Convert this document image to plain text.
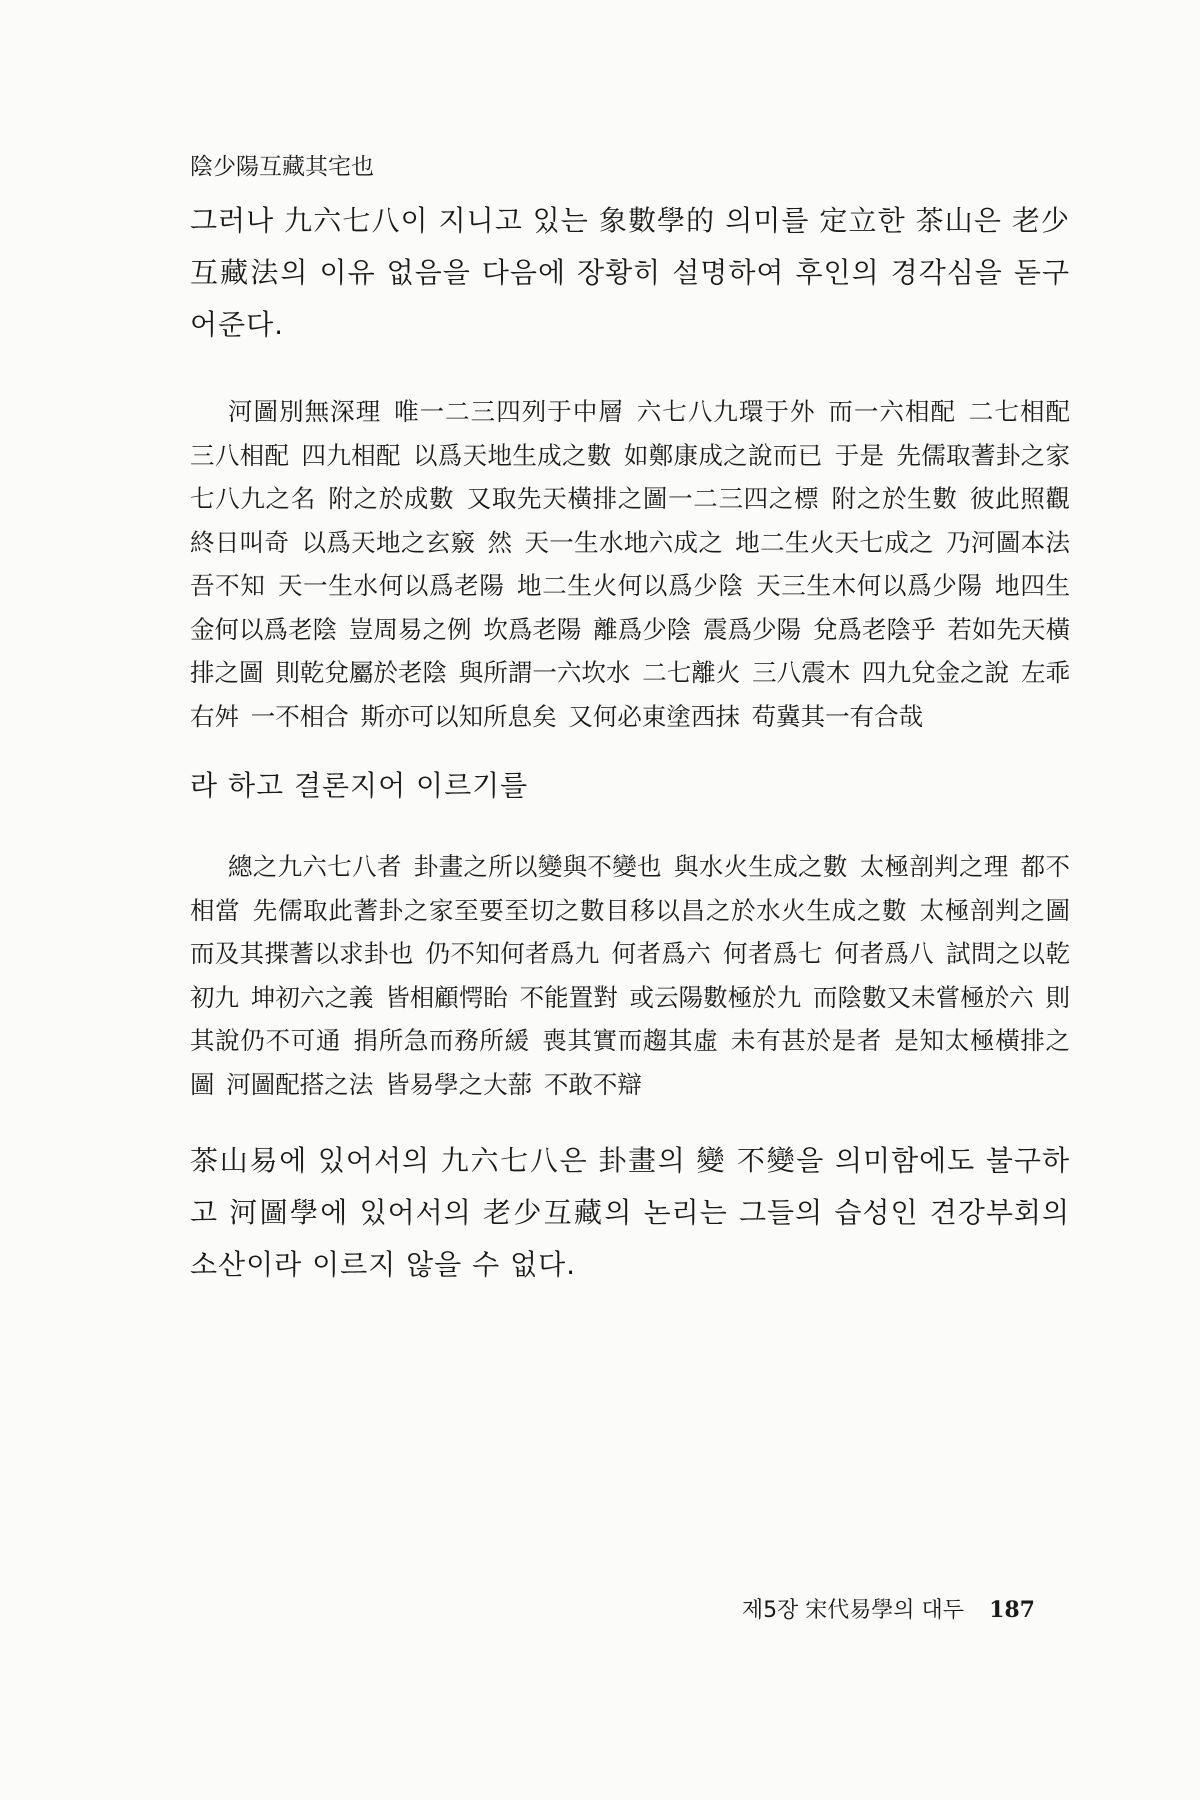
陰少陽互藏其宅也

그러나 九六七八이 지니고 있는 象數學的 의미를 定立한 茶山은 老少互藏法의 이유 없음을 다음에 장황히 설명하여 후인의 경각심을 돋구어준다.

河圖別無深理 唯一二三四列于中層 六七八九環于外 而一六相配 二七相配 三八相配 四九相配 以爲天地生成之數 如鄭康成之說而已 于是 先儒取蓍卦之家七八九之名 附之於成數 又取先天橫排之圖一二三四之標 附之於生數 彼此照觀 終日叫奇 以爲天地之玄竅 然 天一生水地六成之 地二生火天七成之 乃河圖本法 吾不知 天一生水何以爲老陽 地二生火何以爲少陰 天三生木何以爲少陽 地四生金何以爲老陰 豈周易之例 坎爲老陽 離爲少陰 震爲少陽 兌爲老陰乎 若如先天橫排之圖 則乾兌屬於老陰 與所謂一六坎水 二七離火 三八震木 四九兌金之說 左乖右舛 一不相合 斯亦可以知所息矣 又何必東塗西抹 苟冀其一有合哉

라 하고 결론지어 이르기를

總之九六七八者 卦畫之所以變與不變也 與水火生成之數 太極剖判之理 都不相當 先儒取此蓍卦之家至要至切之數目移以昌之於水火生成之數 太極剖判之圖 而及其揲蓍以求卦也 仍不知何者爲九 何者爲六 何者爲七 何者爲八 試問之以乾初九 坤初六之義 皆相顧愕眙 不能置對 或云陽數極於九 而陰數又未嘗極於六 則其說仍不可通 捐所急而務所緩 喪其實而趨其虛 未有甚於是者 是知太極橫排之圖 河圖配搭之法 皆易學之大蔀 不敢不辯

茶山易에 있어서의 九六七八은 卦畫의 變 不變을 의미함에도 불구하고 河圖學에 있어서의 老少互藏의 논리는 그들의 습성인 견강부회의 소산이라 이르지 않을 수 없다.

제5장 宋代易學의 대두 187
